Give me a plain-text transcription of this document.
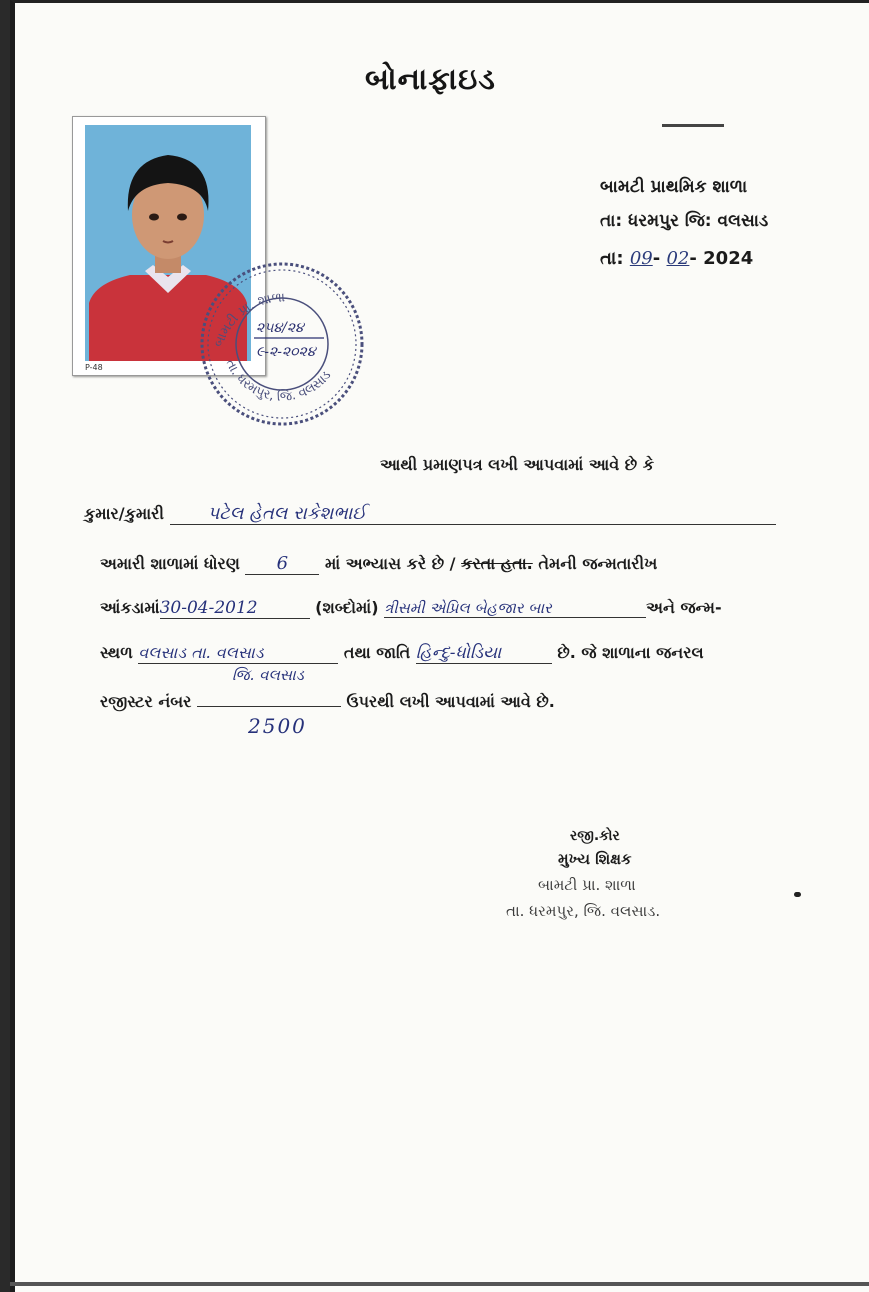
બોનાફાઇડ
બામટી પ્રાથમિક શાળા
તા: ધરમપુર જિ: વલસાડ
તા: 09- 02- 2024
P-48
બામટી પ્રા. શાળા
તા. ધરમપુર, જિ. વલસાડ
૨૫૪/૨૪
૯-૨-૨૦૨૪
આથી પ્રમાણપત્ર લખી આપવામાં આવે છે કે
કુમાર/કુમારી પટેલ હેતલ રાકેશભાઈ
અમારી શાળામાં ધોરણ 6 માં અભ્યાસ કરે છે / કરતા હતા. તેમની જન્મતારીખ
આંકડામાં30-04-2012	(શબ્દોમાં) ત્રીસમી એપ્રિલ બેહજાર બાર	અને જન્મ-
સ્થળ વલસાડ તા. વલસાડ	તથા જાતિ હિન્દુ-ધોડિયા	છે. જે શાળાના જનરલ
જિ. વલસાડ
રજીસ્ટર નંબર	ઉપરથી લખી આપવામાં આવે છે.
2500
રજી.કોર
મુખ્ય શિક્ષક
બામટી પ્રા. શાળા
તા. ધરમપુર, જિ. વલસાડ.
